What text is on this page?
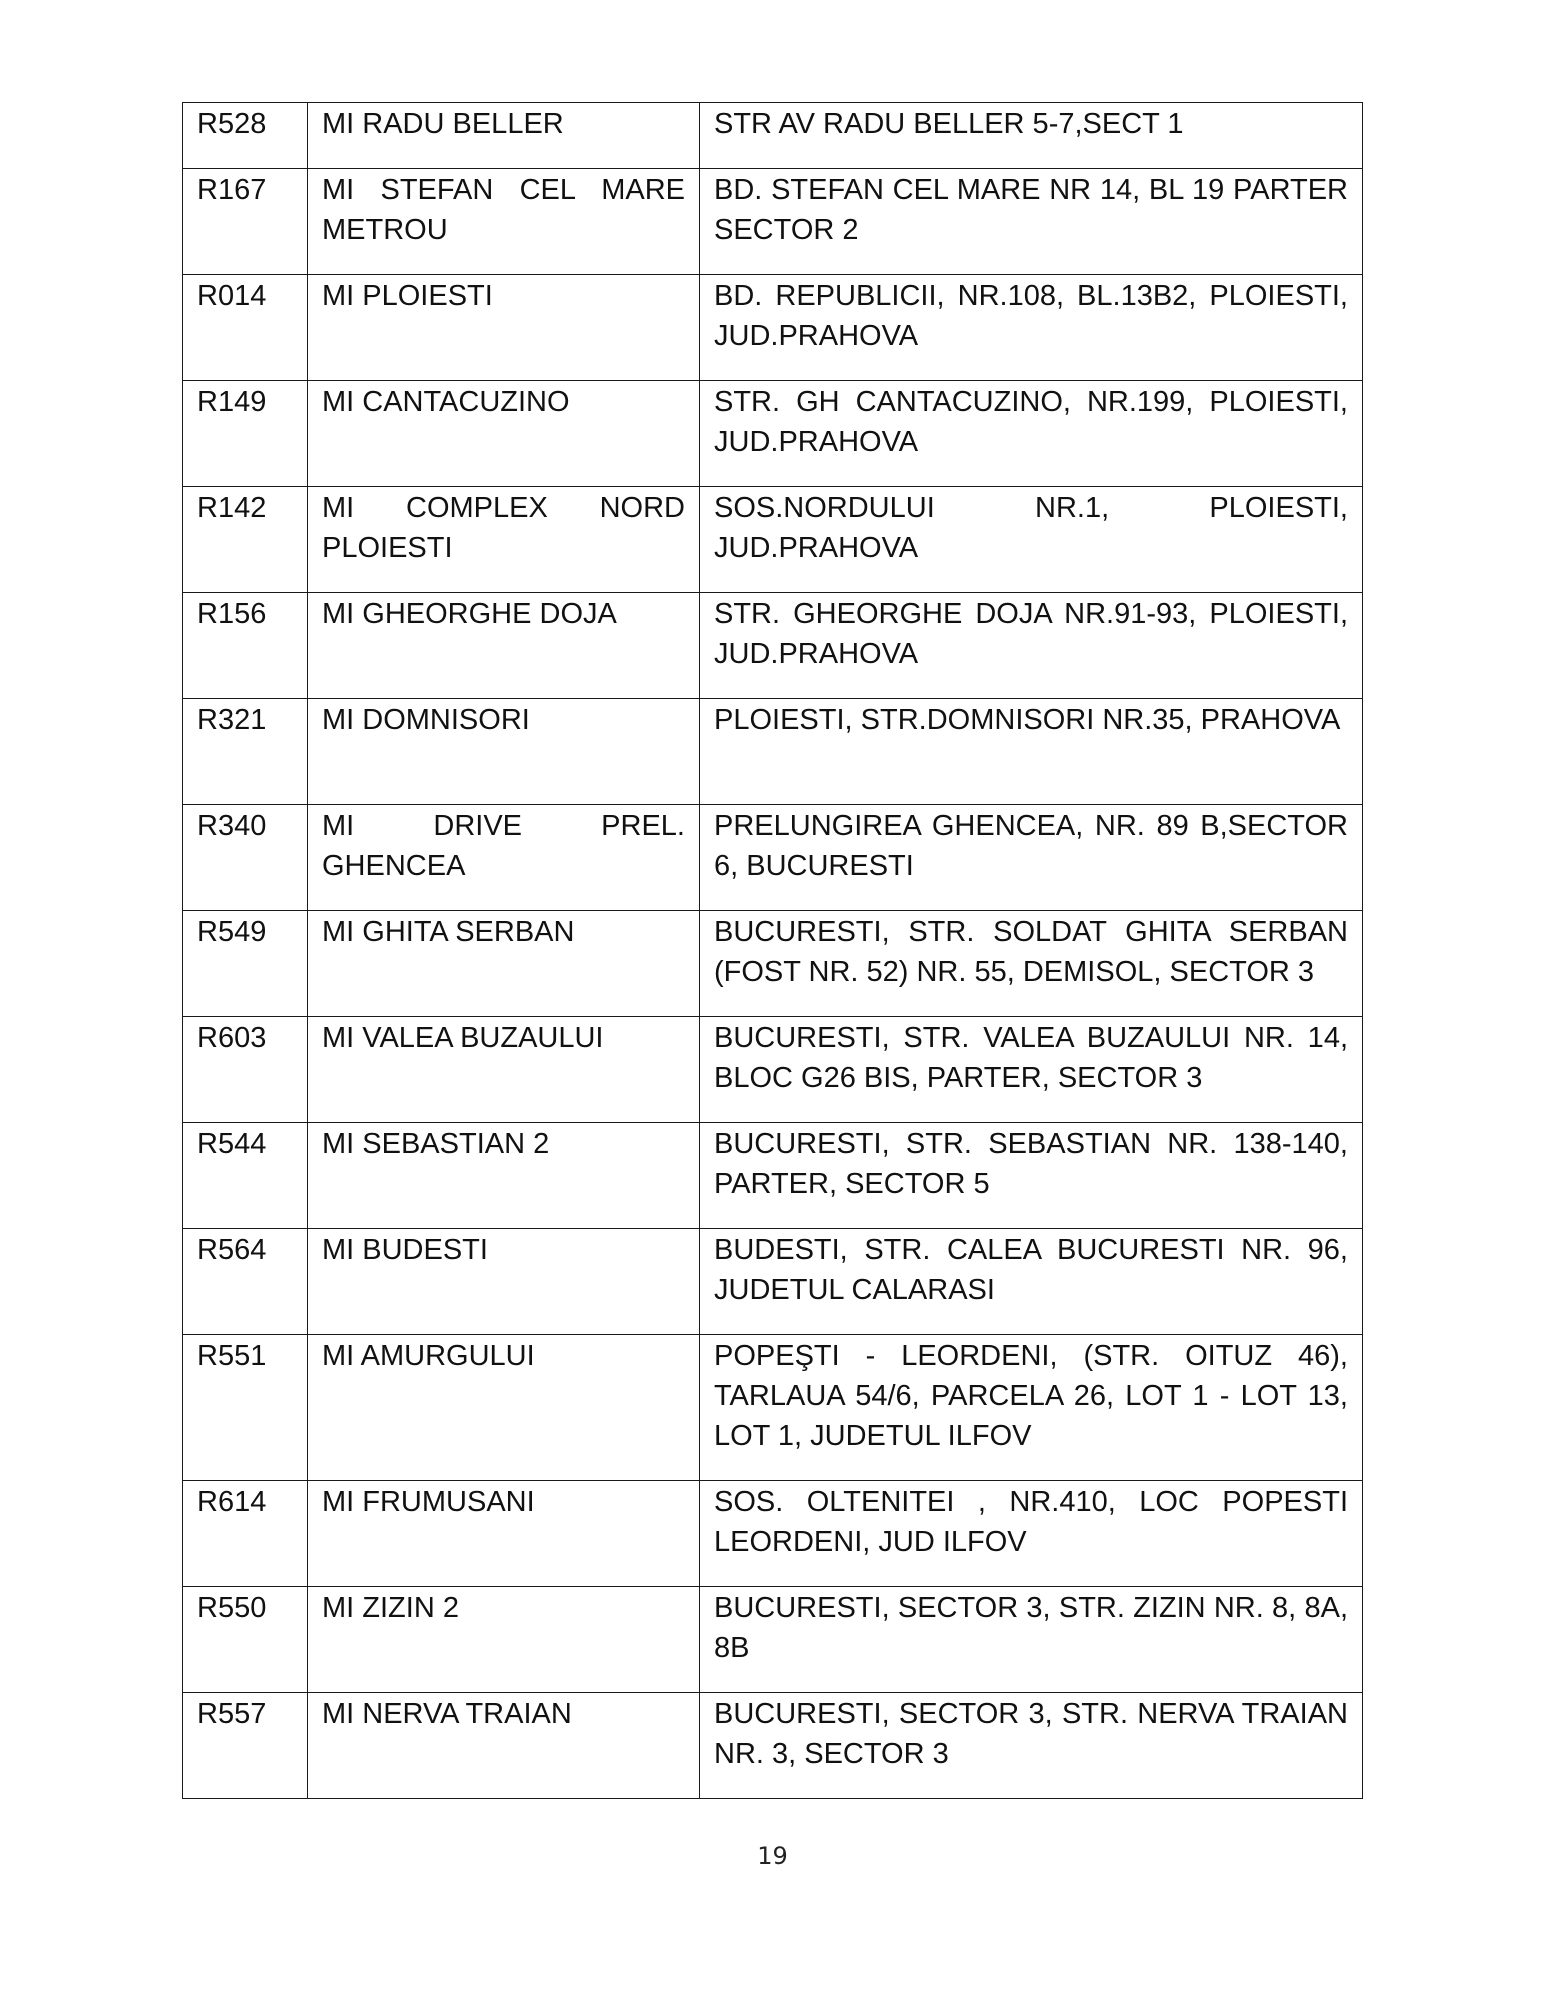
R528	MI RADU BELLER	STR AV RADU BELLER 5-7,SECT 1

R167	MI STEFAN CEL MARE METROU	BD. STEFAN CEL MARE NR 14, BL 19 PARTER SECTOR 2

R014	MI PLOIESTI	BD. REPUBLICII, NR.108, BL.13B2, PLOIESTI, JUD.PRAHOVA

R149	MI CANTACUZINO	STR. GH CANTACUZINO, NR.199, PLOIESTI, JUD.PRAHOVA

R142	MI COMPLEX NORD PLOIESTI	SOS.NORDULUI NR.1, PLOIESTI, JUD.PRAHOVA

R156	MI GHEORGHE DOJA	STR. GHEORGHE DOJA NR.91-93, PLOIESTI, JUD.PRAHOVA

R321	MI DOMNISORI	PLOIESTI, STR.DOMNISORI NR.35, PRAHOVA

R340	MI DRIVE PREL. GHENCEA	PRELUNGIREA GHENCEA, NR. 89 B,SECTOR 6, BUCURESTI

R549	MI GHITA SERBAN	BUCURESTI, STR. SOLDAT GHITA SERBAN (FOST NR. 52) NR. 55, DEMISOL, SECTOR 3

R603	MI VALEA BUZAULUI	BUCURESTI, STR. VALEA BUZAULUI NR. 14, BLOC G26 BIS, PARTER, SECTOR 3

R544	MI SEBASTIAN 2	BUCURESTI, STR. SEBASTIAN NR. 138-140, PARTER, SECTOR 5

R564	MI BUDESTI	BUDESTI, STR. CALEA BUCURESTI NR. 96, JUDETUL CALARASI

R551	MI AMURGULUI	POPEŞTI - LEORDENI, (STR. OITUZ 46), TARLAUA 54/6, PARCELA 26, LOT 1 - LOT 13, LOT 1, JUDETUL ILFOV

R614	MI FRUMUSANI	SOS. OLTENITEI , NR.410, LOC POPESTI LEORDENI, JUD ILFOV

R550	MI ZIZIN 2	BUCURESTI, SECTOR 3, STR. ZIZIN NR. 8, 8A, 8B

R557	MI NERVA TRAIAN	BUCURESTI, SECTOR 3, STR. NERVA TRAIAN NR. 3, SECTOR 3
19
